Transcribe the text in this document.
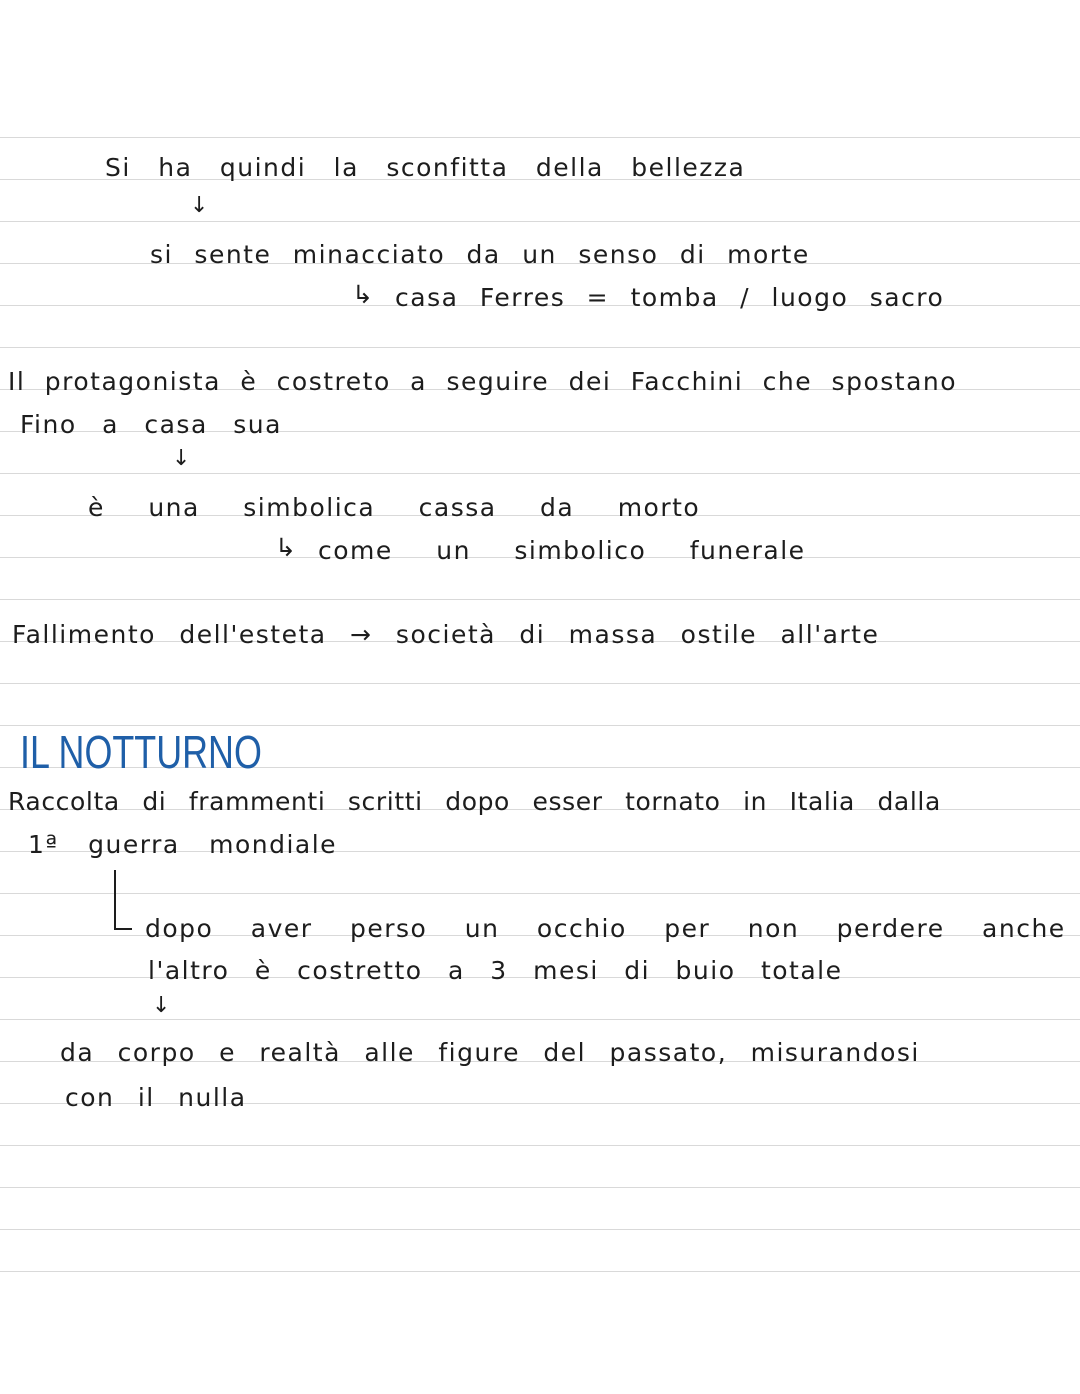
Si ha quindi la sconfitta della bellezza
↓
si sente minacciato da un senso di morte
↳ casa Ferres = tomba / luogo sacro
Il protagonista è costreto a seguire dei Facchini che spostano
Fino a casa sua
↓
è una simbolica cassa da morto
↳ come un simbolico funerale
Fallimento dell'esteta → società di massa ostile all'arte
IL NOTTURNO
Raccolta di frammenti scritti dopo esser tornato in Italia dalla
1ª guerra mondiale
dopo aver perso un occhio per non perdere anche
l'altro è costretto a 3 mesi di buio totale
↓
da corpo e realtà alle figure del passato, misurandosi
con il nulla
